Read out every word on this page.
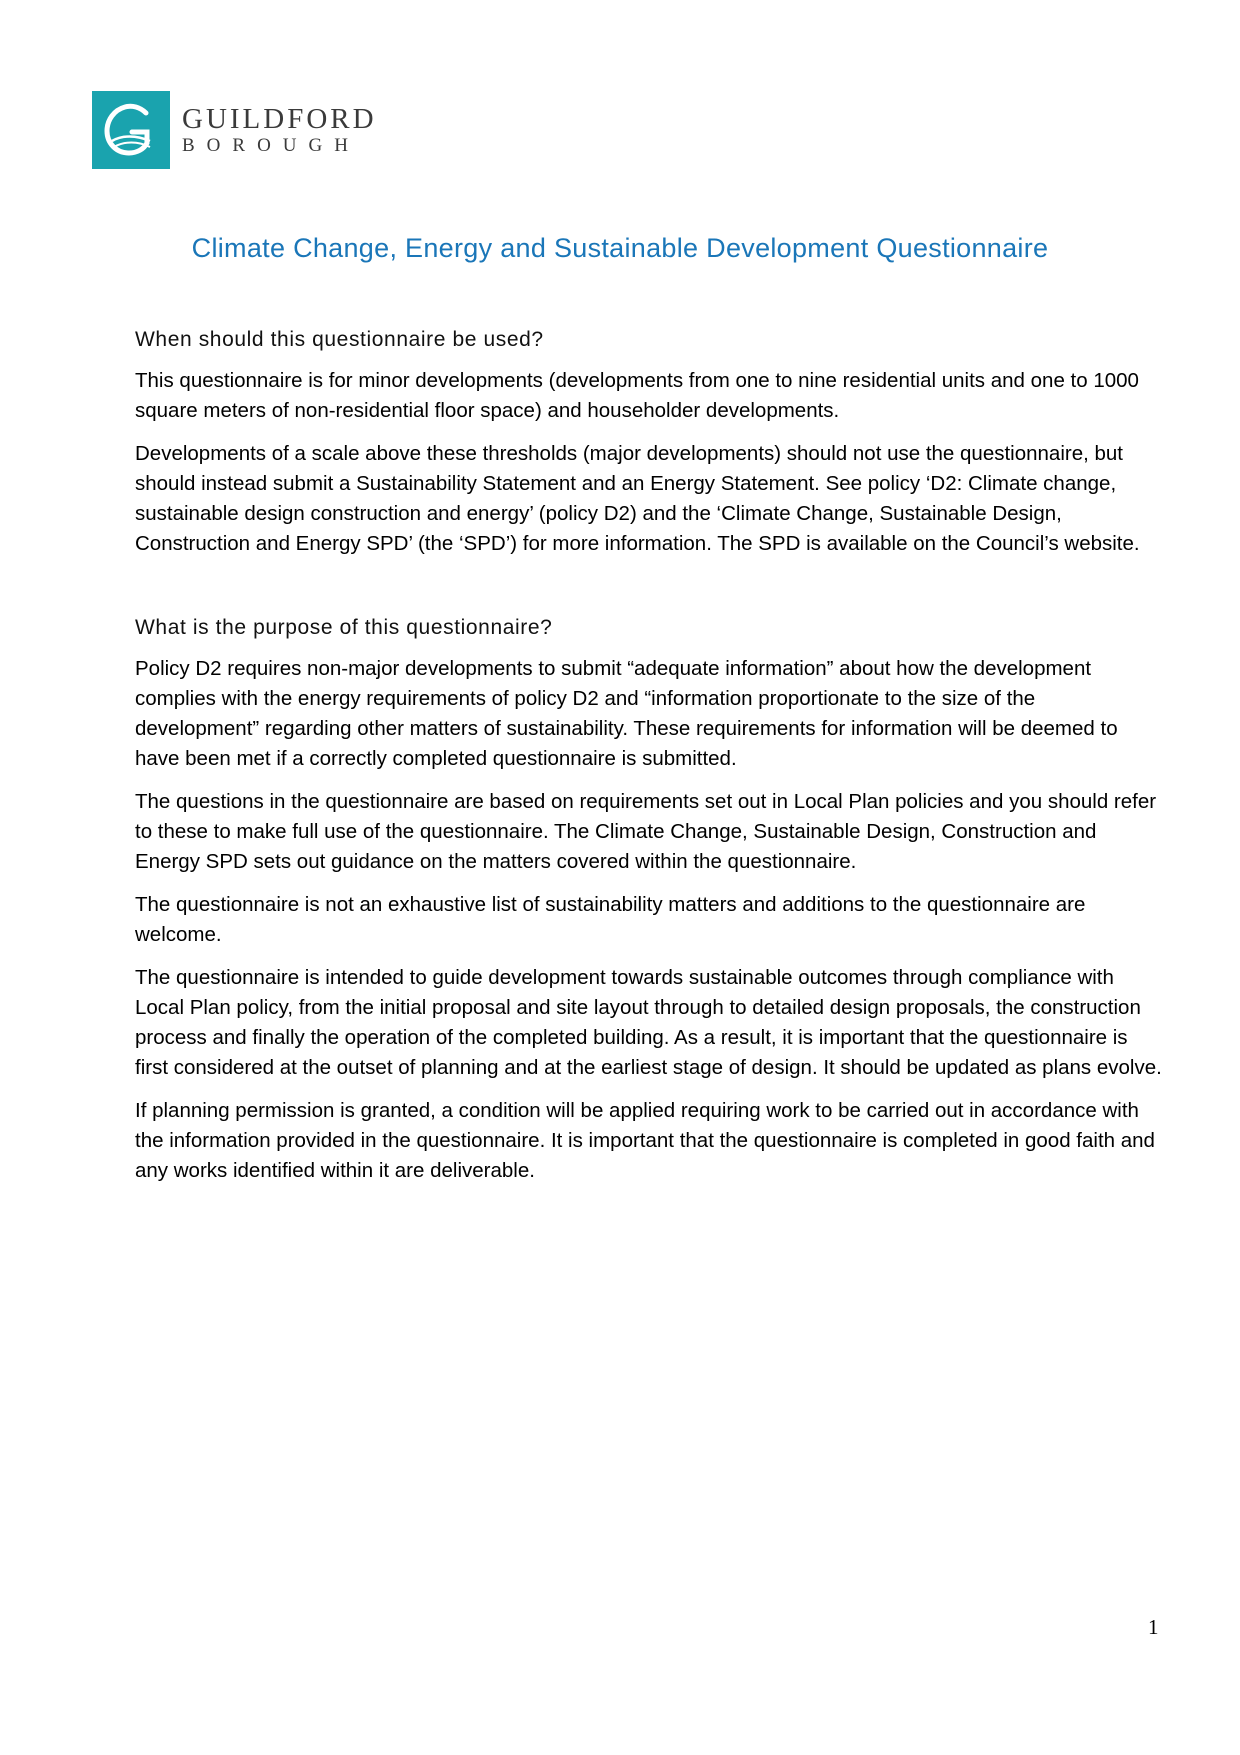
GUILDFORD
BOROUGH
Climate Change, Energy and Sustainable Development Questionnaire
When should this questionnaire be used?

This questionnaire is for minor developments (developments from one to nine residential units and one to 1000 square meters of non-residential floor space) and householder developments.

Developments of a scale above these thresholds (major developments) should not use the questionnaire, but should instead submit a Sustainability Statement and an Energy Statement. See policy ‘D2: Climate change, sustainable design construction and energy’ (policy D2) and the ‘Climate Change, Sustainable Design, Construction and Energy SPD’ (the ‘SPD’) for more information. The SPD is available on the Council’s website.

What is the purpose of this questionnaire?

Policy D2 requires non-major developments to submit “adequate information” about how the development complies with the energy requirements of policy D2 and “information proportionate to the size of the development” regarding other matters of sustainability. These requirements for information will be deemed to have been met if a correctly completed questionnaire is submitted.

The questions in the questionnaire are based on requirements set out in Local Plan policies and you should refer to these to make full use of the questionnaire. The Climate Change, Sustainable Design, Construction and Energy SPD sets out guidance on the matters covered within the questionnaire.

The questionnaire is not an exhaustive list of sustainability matters and additions to the questionnaire are welcome.

The questionnaire is intended to guide development towards sustainable outcomes through compliance with Local Plan policy, from the initial proposal and site layout through to detailed design proposals, the construction process and finally the operation of the completed building. As a result, it is important that the questionnaire is first considered at the outset of planning and at the earliest stage of design. It should be updated as plans evolve.

If planning permission is granted, a condition will be applied requiring work to be carried out in accordance with the information provided in the questionnaire. It is important that the questionnaire is completed in good faith and any works identified within it are deliverable.

1
